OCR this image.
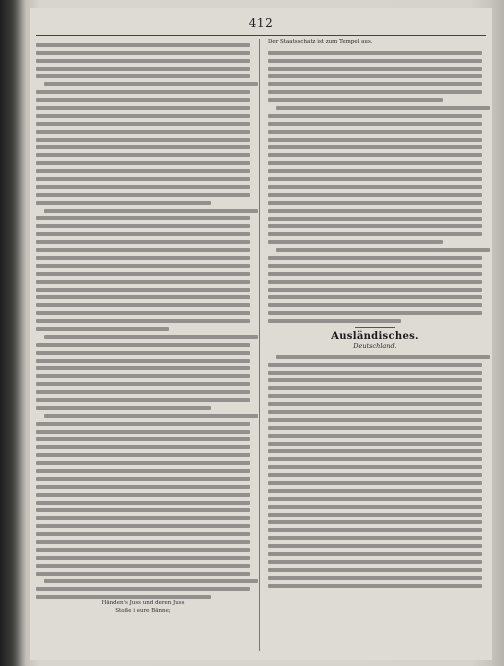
412
Händen's Juss und deren Juss
Stoße i eure Bänne;
Der Staatsschatz ist zum Tempel aus.
Ausländisches.
Deutschland.
